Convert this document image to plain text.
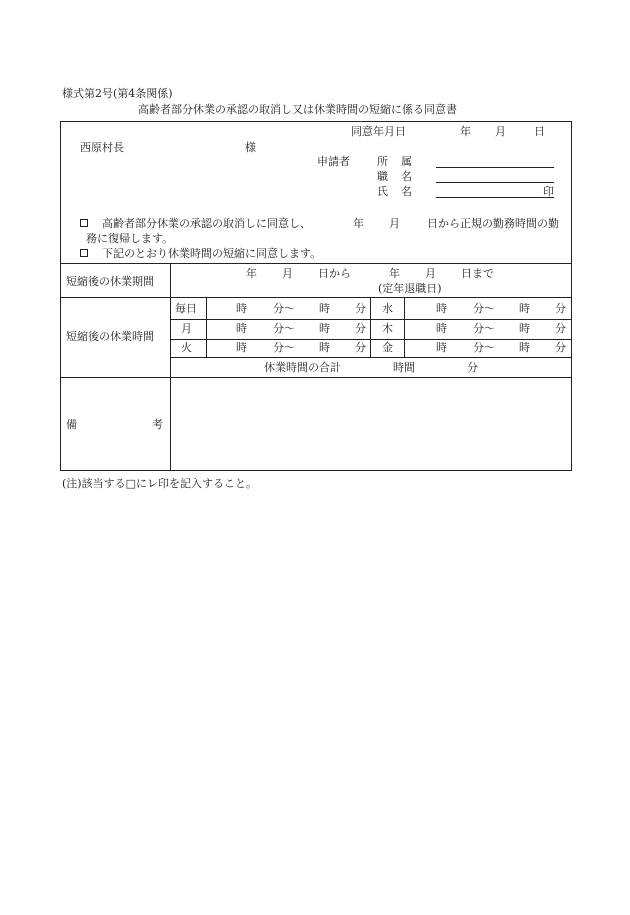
様式第2号(第4条関係)
高齢者部分休業の承認の取消し又は休業時間の短縮に係る同意書
同意年月日	年 月	日
西原村長	様
申請者 所　属
職　名
氏　名	印
高齢者部分休業の承認の取消しに同意し、	年 月 日から正規の勤務時間の勤
務に復帰します。
下記のとおり休業時間の短縮に同意します。
短縮後の休業期間
年 月 日から	年 月 日まで
(定年退職日)
短縮後の休業時間
毎日	時 分〜 時 分 水	時 分〜 時 分
月	時 分〜 時 分 木	時 分〜 時 分
火	時 分〜 時 分 金	時 分〜 時 分
休業時間の合計	時間	分
備	考
(注)該当する□にレ印を記入すること。
